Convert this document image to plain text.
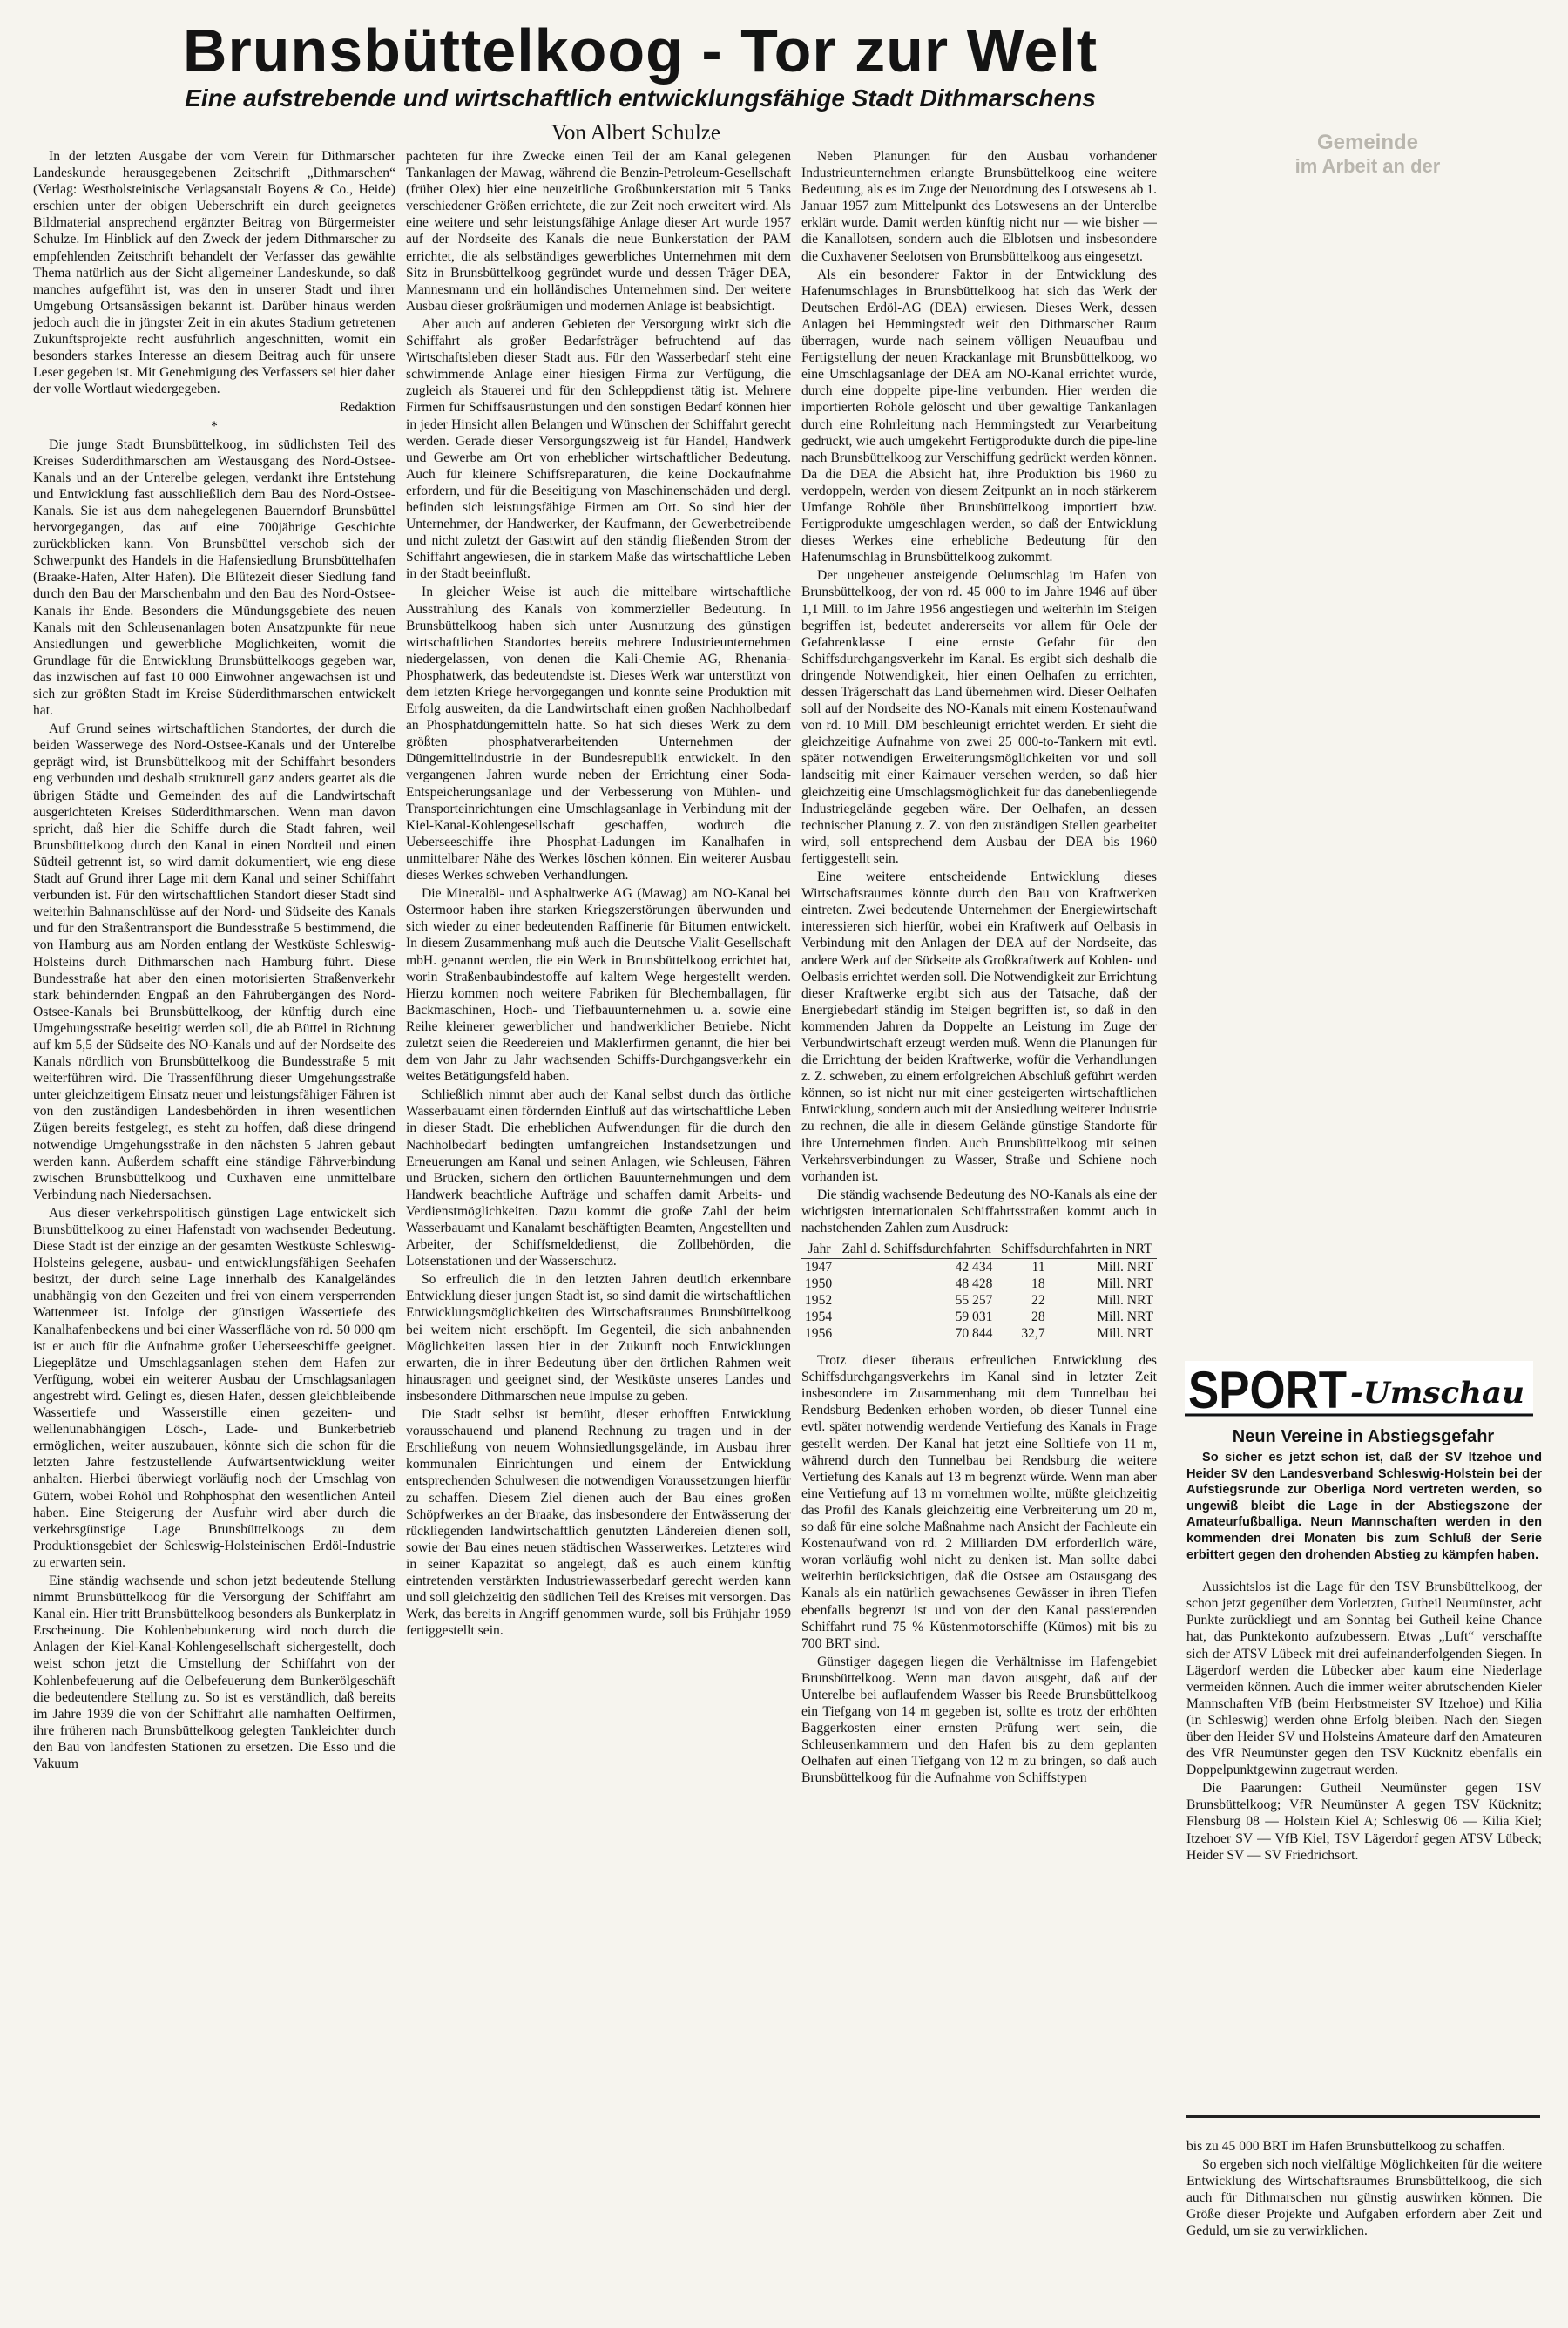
Brunsbüttelkoog - Tor zur Welt
Eine aufstrebende und wirtschaftlich entwicklungsfähige Stadt Dithmarschens
Von Albert Schulze

In der letzten Ausgabe der vom Verein für Dithmarscher Landeskunde herausgegebenen Zeitschrift „Dithmarschen“ (Verlag: Westholsteinische Verlagsanstalt Boyens & Co., Heide) erschien unter der obigen Ueberschrift ein durch geeignetes Bildmaterial ansprechend ergänzter Beitrag von Bürgermeister Schulze. Im Hinblick auf den Zweck der jedem Dithmarscher zu empfehlenden Zeitschrift behandelt der Verfasser das gewählte Thema natürlich aus der Sicht allgemeiner Landeskunde, so daß manches aufgeführt ist, was den in unserer Stadt und ihrer Umgebung Ortsansässigen bekannt ist. Darüber hinaus werden jedoch auch die in jüngster Zeit in ein akutes Stadium getretenen Zukunftsprojekte recht ausführlich angeschnitten, womit ein besonders starkes Interesse an diesem Beitrag auch für unsere Leser gegeben ist. Mit Genehmigung des Verfassers sei hier daher der volle Wortlaut wiedergegeben.

Redaktion

*

Die junge Stadt Brunsbüttelkoog, im südlichsten Teil des Kreises Süderdithmarschen am Westausgang des Nord-Ostsee-Kanals und an der Unterelbe gelegen, verdankt ihre Entstehung und Entwicklung fast ausschließlich dem Bau des Nord-Ostsee-Kanals. Sie ist aus dem nahegelegenen Bauerndorf Brunsbüttel hervorgegangen, das auf eine 700jährige Geschichte zurückblicken kann. Von Brunsbüttel verschob sich der Schwerpunkt des Handels in die Hafensiedlung Brunsbüttelhafen (Braake-Hafen, Alter Hafen). Die Blütezeit dieser Siedlung fand durch den Bau der Marschenbahn und den Bau des Nord-Ostsee-Kanals ihr Ende. Besonders die Mündungsgebiete des neuen Kanals mit den Schleusenanlagen boten Ansatzpunkte für neue Ansiedlungen und gewerbliche Möglichkeiten, womit die Grundlage für die Entwicklung Brunsbüttelkoogs gegeben war, das inzwischen auf fast 10 000 Einwohner angewachsen ist und sich zur größten Stadt im Kreise Süderdithmarschen entwickelt hat.

Auf Grund seines wirtschaftlichen Standortes, der durch die beiden Wasserwege des Nord-Ostsee-Kanals und der Unterelbe geprägt wird, ist Brunsbüttelkoog mit der Schiffahrt besonders eng verbunden und deshalb strukturell ganz anders geartet als die übrigen Städte und Gemeinden des auf die Landwirtschaft ausgerichteten Kreises Süderdithmarschen. Wenn man davon spricht, daß hier die Schiffe durch die Stadt fahren, weil Brunsbüttelkoog durch den Kanal in einen Nordteil und einen Südteil getrennt ist, so wird damit dokumentiert, wie eng diese Stadt auf Grund ihrer Lage mit dem Kanal und seiner Schiffahrt verbunden ist. Für den wirtschaftlichen Standort dieser Stadt sind weiterhin Bahnanschlüsse auf der Nord- und Südseite des Kanals und für den Straßentransport die Bundesstraße 5 bestimmend, die von Hamburg aus am Norden entlang der Westküste Schleswig-Holsteins durch Dithmarschen nach Hamburg führt. Diese Bundesstraße hat aber den einen motorisierten Straßenverkehr stark behindernden Engpaß an den Fährübergängen des Nord-Ostsee-Kanals bei Brunsbüttelkoog, der künftig durch eine Umgehungsstraße beseitigt werden soll, die ab Büttel in Richtung auf km 5,5 der Südseite des NO-Kanals und auf der Nordseite des Kanals nördlich von Brunsbüttelkoog die Bundesstraße 5 mit weiterführen wird. Die Trassenführung dieser Umgehungsstraße unter gleichzeitigem Einsatz neuer und leistungsfähiger Fähren ist von den zuständigen Landesbehörden in ihren wesentlichen Zügen bereits festgelegt, es steht zu hoffen, daß diese dringend notwendige Umgehungsstraße in den nächsten 5 Jahren gebaut werden kann. Außerdem schafft eine ständige Fährverbindung zwischen Brunsbüttelkoog und Cuxhaven eine unmittelbare Verbindung nach Niedersachsen.

Aus dieser verkehrspolitisch günstigen Lage entwickelt sich Brunsbüttelkoog zu einer Hafenstadt von wachsender Bedeutung. Diese Stadt ist der einzige an der gesamten Westküste Schleswig-Holsteins gelegene, ausbau- und entwicklungsfähigen Seehafen besitzt, der durch seine Lage innerhalb des Kanalgeländes unabhängig von den Gezeiten und frei von einem versperrenden Wattenmeer ist. Infolge der günstigen Wassertiefe des Kanalhafenbeckens und bei einer Wasserfläche von rd. 50 000 qm ist er auch für die Aufnahme großer Ueberseeschiffe geeignet. Liegeplätze und Umschlagsanlagen stehen dem Hafen zur Verfügung, wobei ein weiterer Ausbau der Umschlagsanlagen angestrebt wird. Gelingt es, diesen Hafen, dessen gleichbleibende Wassertiefe und Wasserstille einen gezeiten- und wellenunabhängigen Lösch-, Lade- und Bunkerbetrieb ermöglichen, weiter auszubauen, könnte sich die schon für die letzten Jahre festzustellende Aufwärtsentwicklung weiter anhalten. Hierbei überwiegt vorläufig noch der Umschlag von Gütern, wobei Rohöl und Rohphosphat den wesentlichen Anteil haben. Eine Steigerung der Ausfuhr wird aber durch die verkehrsgünstige Lage Brunsbüttelkoogs zu dem Produktionsgebiet der Schleswig-Holsteinischen Erdöl-Industrie zu erwarten sein.

Eine ständig wachsende und schon jetzt bedeutende Stellung nimmt Brunsbüttelkoog für die Versorgung der Schiffahrt am Kanal ein. Hier tritt Brunsbüttelkoog besonders als Bunkerplatz in Erscheinung. Die Kohlenbebunkerung wird noch durch die Anlagen der Kiel-Kanal-Kohlengesellschaft sichergestellt, doch weist schon jetzt die Umstellung der Schiffahrt von der Kohlenbefeuerung auf die Oelbefeuerung dem Bunkerölgeschäft die bedeutendere Stellung zu. So ist es verständlich, daß bereits im Jahre 1939 die von der Schiffahrt alle namhaften Oelfirmen, ihre früheren nach Brunsbüttelkoog gelegten Tankleichter durch den Bau von landfesten Stationen zu ersetzen. Die Esso und die Vakuum

pachteten für ihre Zwecke einen Teil der am Kanal gelegenen Tankanlagen der Mawag, während die Benzin-Petroleum-Gesellschaft (früher Olex) hier eine neuzeitliche Großbunkerstation mit 5 Tanks verschiedener Größen errichtete, die zur Zeit noch erweitert wird. Als eine weitere und sehr leistungsfähige Anlage dieser Art wurde 1957 auf der Nordseite des Kanals die neue Bunkerstation der PAM errichtet, die als selbständiges gewerbliches Unternehmen mit dem Sitz in Brunsbüttelkoog gegründet wurde und dessen Träger DEA, Mannesmann und ein holländisches Unternehmen sind. Der weitere Ausbau dieser großräumigen und modernen Anlage ist beabsichtigt.

Aber auch auf anderen Gebieten der Versorgung wirkt sich die Schiffahrt als großer Bedarfsträger befruchtend auf das Wirtschaftsleben dieser Stadt aus. Für den Wasserbedarf steht eine schwimmende Anlage einer hiesigen Firma zur Verfügung, die zugleich als Stauerei und für den Schleppdienst tätig ist. Mehrere Firmen für Schiffsausrüstungen und den sonstigen Bedarf können hier in jeder Hinsicht allen Belangen und Wünschen der Schiffahrt gerecht werden. Gerade dieser Versorgungszweig ist für Handel, Handwerk und Gewerbe am Ort von erheblicher wirtschaftlicher Bedeutung. Auch für kleinere Schiffsreparaturen, die keine Dockaufnahme erfordern, und für die Beseitigung von Maschinenschäden und dergl. befinden sich leistungsfähige Firmen am Ort. So sind hier der Unternehmer, der Handwerker, der Kaufmann, der Gewerbetreibende und nicht zuletzt der Gastwirt auf den ständig fließenden Strom der Schiffahrt angewiesen, die in starkem Maße das wirtschaftliche Leben in der Stadt beeinflußt.

In gleicher Weise ist auch die mittelbare wirtschaftliche Ausstrahlung des Kanals von kommerzieller Bedeutung. In Brunsbüttelkoog haben sich unter Ausnutzung des günstigen wirtschaftlichen Standortes bereits mehrere Industrieunternehmen niedergelassen, von denen die Kali-Chemie AG, Rhenania-Phosphatwerk, das bedeutendste ist. Dieses Werk war unterstützt von dem letzten Kriege hervorgegangen und konnte seine Produktion mit Erfolg ausweiten, da die Landwirtschaft einen großen Nachholbedarf an Phosphatdüngemitteln hatte. So hat sich dieses Werk zu dem größten phosphatverarbeitenden Unternehmen der Düngemittelindustrie in der Bundesrepublik entwickelt. In den vergangenen Jahren wurde neben der Errichtung einer Soda-Entspeicherungsanlage und der Verbesserung von Mühlen- und Transporteinrichtungen eine Umschlagsanlage in Verbindung mit der Kiel-Kanal-Kohlengesellschaft geschaffen, wodurch die Ueberseeschiffe ihre Phosphat-Ladungen im Kanalhafen in unmittelbarer Nähe des Werkes löschen können. Ein weiterer Ausbau dieses Werkes schweben Verhandlungen.

Die Mineralöl- und Asphaltwerke AG (Mawag) am NO-Kanal bei Ostermoor haben ihre starken Kriegszerstörungen überwunden und sich wieder zu einer bedeutenden Raffinerie für Bitumen entwickelt. In diesem Zusammenhang muß auch die Deutsche Vialit-Gesellschaft mbH. genannt werden, die ein Werk in Brunsbüttelkoog errichtet hat, worin Straßenbaubindestoffe auf kaltem Wege hergestellt werden. Hierzu kommen noch weitere Fabriken für Blechemballagen, für Backmaschinen, Hoch- und Tiefbauunternehmen u. a. sowie eine Reihe kleinerer gewerblicher und handwerklicher Betriebe. Nicht zuletzt seien die Reedereien und Maklerfirmen genannt, die hier bei dem von Jahr zu Jahr wachsenden Schiffs-Durchgangsverkehr ein weites Betätigungsfeld haben.

Schließlich nimmt aber auch der Kanal selbst durch das örtliche Wasserbauamt einen fördernden Einfluß auf das wirtschaftliche Leben in dieser Stadt. Die erheblichen Aufwendungen für die durch den Nachholbedarf bedingten umfangreichen Instandsetzungen und Erneuerungen am Kanal und seinen Anlagen, wie Schleusen, Fähren und Brücken, sichern den örtlichen Bauunternehmungen und dem Handwerk beachtliche Aufträge und schaffen damit Arbeits- und Verdienstmöglichkeiten. Dazu kommt die große Zahl der beim Wasserbauamt und Kanalamt beschäftigten Beamten, Angestellten und Arbeiter, der Schiffsmeldedienst, die Zollbehörden, die Lotsenstationen und der Wasserschutz.

So erfreulich die in den letzten Jahren deutlich erkennbare Entwicklung dieser jungen Stadt ist, so sind damit die wirtschaftlichen Entwicklungsmöglichkeiten des Wirtschaftsraumes Brunsbüttelkoog bei weitem nicht erschöpft. Im Gegenteil, die sich anbahnenden Möglichkeiten lassen hier in der Zukunft noch Entwicklungen erwarten, die in ihrer Bedeutung über den örtlichen Rahmen weit hinausragen und geeignet sind, der Westküste unseres Landes und insbesondere Dithmarschen neue Impulse zu geben.

Die Stadt selbst ist bemüht, dieser erhofften Entwicklung vorausschauend und planend Rechnung zu tragen und in der Erschließung von neuem Wohnsiedlungsgelände, im Ausbau ihrer kommunalen Einrichtungen und einem der Entwicklung entsprechenden Schulwesen die notwendigen Voraussetzungen hierfür zu schaffen. Diesem Ziel dienen auch der Bau eines großen Schöpfwerkes an der Braake, das insbesondere der Entwässerung der rückliegenden landwirtschaftlich genutzten Ländereien dienen soll, sowie der Bau eines neuen städtischen Wasserwerkes. Letzteres wird in seiner Kapazität so angelegt, daß es auch einem künftig eintretenden verstärkten Industriewasserbedarf gerecht werden kann und soll gleichzeitig den südlichen Teil des Kreises mit versorgen. Das Werk, das bereits in Angriff genommen wurde, soll bis Frühjahr 1959 fertiggestellt sein.

Neben Planungen für den Ausbau vorhandener Industrieunternehmen erlangte Brunsbüttelkoog eine weitere Bedeutung, als es im Zuge der Neuordnung des Lotswesens ab 1. Januar 1957 zum Mittelpunkt des Lotswesens an der Unterelbe erklärt wurde. Damit werden künftig nicht nur — wie bisher — die Kanallotsen, sondern auch die Elblotsen und insbesondere die Cuxhavener Seelotsen von Brunsbüttelkoog aus eingesetzt.

Als ein besonderer Faktor in der Entwicklung des Hafenumschlages in Brunsbüttelkoog hat sich das Werk der Deutschen Erdöl-AG (DEA) erwiesen. Dieses Werk, dessen Anlagen bei Hemmingstedt weit den Dithmarscher Raum überragen, wurde nach seinem völligen Neuaufbau und Fertigstellung der neuen Krackanlage mit Brunsbüttelkoog, wo eine Umschlagsanlage der DEA am NO-Kanal errichtet wurde, durch eine doppelte pipe-line verbunden. Hier werden die importierten Rohöle gelöscht und über gewaltige Tankanlagen durch eine Rohrleitung nach Hemmingstedt zur Verarbeitung gedrückt, wie auch umgekehrt Fertigprodukte durch die pipe-line nach Brunsbüttelkoog zur Verschiffung gedrückt werden können. Da die DEA die Absicht hat, ihre Produktion bis 1960 zu verdoppeln, werden von diesem Zeitpunkt an in noch stärkerem Umfange Rohöle über Brunsbüttelkoog importiert bzw. Fertigprodukte umgeschlagen werden, so daß der Entwicklung dieses Werkes eine erhebliche Bedeutung für den Hafenumschlag in Brunsbüttelkoog zukommt.

Der ungeheuer ansteigende Oelumschlag im Hafen von Brunsbüttelkoog, der von rd. 45 000 to im Jahre 1946 auf über 1,1 Mill. to im Jahre 1956 angestiegen und weiterhin im Steigen begriffen ist, bedeutet andererseits vor allem für Oele der Gefahrenklasse I eine ernste Gefahr für den Schiffsdurchgangsverkehr im Kanal. Es ergibt sich deshalb die dringende Notwendigkeit, hier einen Oelhafen zu errichten, dessen Trägerschaft das Land übernehmen wird. Dieser Oelhafen soll auf der Nordseite des NO-Kanals mit einem Kostenaufwand von rd. 10 Mill. DM beschleunigt errichtet werden. Er sieht die gleichzeitige Aufnahme von zwei 25 000-to-Tankern mit evtl. später notwendigen Erweiterungsmöglichkeiten vor und soll landseitig mit einer Kaimauer versehen werden, so daß hier gleichzeitig eine Umschlagsmöglichkeit für das danebenliegende Industriegelände gegeben wäre. Der Oelhafen, an dessen technischer Planung z. Z. von den zuständigen Stellen gearbeitet wird, soll entsprechend dem Ausbau der DEA bis 1960 fertiggestellt sein.

Eine weitere entscheidende Entwicklung dieses Wirtschaftsraumes könnte durch den Bau von Kraftwerken eintreten. Zwei bedeutende Unternehmen der Energiewirtschaft interessieren sich hierfür, wobei ein Kraftwerk auf Oelbasis in Verbindung mit den Anlagen der DEA auf der Nordseite, das andere Werk auf der Südseite als Großkraftwerk auf Kohlen- und Oelbasis errichtet werden soll. Die Notwendigkeit zur Errichtung dieser Kraftwerke ergibt sich aus der Tatsache, daß der Energiebedarf ständig im Steigen begriffen ist, so daß in den kommenden Jahren da Doppelte an Leistung im Zuge der Verbundwirtschaft erzeugt werden muß. Wenn die Planungen für die Errichtung der beiden Kraftwerke, wofür die Verhandlungen z. Z. schweben, zu einem erfolgreichen Abschluß geführt werden können, so ist nicht nur mit einer gesteigerten wirtschaftlichen Entwicklung, sondern auch mit der Ansiedlung weiterer Industrie zu rechnen, die alle in diesem Gelände günstige Standorte für ihre Unternehmen finden. Auch Brunsbüttelkoog mit seinen Verkehrsverbindungen zu Wasser, Straße und Schiene noch vorhanden ist.

Die ständig wachsende Bedeutung des NO-Kanals als eine der wichtigsten internationalen Schiffahrtsstraßen kommt auch in nachstehenden Zahlen zum Ausdruck:

Jahr	Zahl d. Schiffsdurchfahrten	Schiffsdurchfahrten in NRT	
1947	42 434	11	Mill. NRT
1950	48 428	18	Mill. NRT
1952	55 257	22	Mill. NRT
1954	59 031	28	Mill. NRT
1956	70 844	32,7	Mill. NRT

Trotz dieser überaus erfreulichen Entwicklung des Schiffsdurchgangsverkehrs im Kanal sind in letzter Zeit insbesondere im Zusammenhang mit dem Tunnelbau bei Rendsburg Bedenken erhoben worden, ob dieser Tunnel eine evtl. später notwendig werdende Vertiefung des Kanals in Frage gestellt werden. Der Kanal hat jetzt eine Solltiefe von 11 m, während durch den Tunnelbau bei Rendsburg die weitere Vertiefung des Kanals auf 13 m begrenzt würde. Wenn man aber eine Vertiefung auf 13 m vornehmen wollte, müßte gleichzeitig das Profil des Kanals gleichzeitig eine Verbreiterung um 20 m, so daß für eine solche Maßnahme nach Ansicht der Fachleute ein Kostenaufwand von rd. 2 Milliarden DM erforderlich wäre, woran vorläufig wohl nicht zu denken ist. Man sollte dabei weiterhin berücksichtigen, daß die Ostsee am Ostausgang des Kanals als ein natürlich gewachsenes Gewässer in ihren Tiefen ebenfalls begrenzt ist und von der den Kanal passierenden Schiffahrt rund 75 % Küstenmotorschiffe (Kümos) mit bis zu 700 BRT sind.

Günstiger dagegen liegen die Verhältnisse im Hafengebiet Brunsbüttelkoog. Wenn man davon ausgeht, daß auf der Unterelbe bei auflaufendem Wasser bis Reede Brunsbüttelkoog ein Tiefgang von 14 m gegeben ist, sollte es trotz der erhöhten Baggerkosten einer ernsten Prüfung wert sein, die Schleusenkammern und den Hafen bis zu dem geplanten Oelhafen auf einen Tiefgang von 12 m zu bringen, so daß auch Brunsbüttelkoog für die Aufnahme von Schiffstypen

Gemeinde
im Arbeit an der
SPORT -Umschau
Neun Vereine in Abstiegsgefahr

So sicher es jetzt schon ist, daß der SV Itzehoe und Heider SV den Landesverband Schleswig-Holstein bei der Aufstiegsrunde zur Oberliga Nord vertreten werden, so ungewiß bleibt die Lage in der Abstiegszone der Amateurfußballiga. Neun Mannschaften werden in den kommenden drei Monaten bis zum Schluß der Serie erbittert gegen den drohenden Abstieg zu kämpfen haben.

Aussichtslos ist die Lage für den TSV Brunsbüttelkoog, der schon jetzt gegenüber dem Vorletzten, Gutheil Neumünster, acht Punkte zurückliegt und am Sonntag bei Gutheil keine Chance hat, das Punktekonto aufzubessern. Etwas „Luft“ verschaffte sich der ATSV Lübeck mit drei aufeinanderfolgenden Siegen. In Lägerdorf werden die Lübecker aber kaum eine Niederlage vermeiden können. Auch die immer weiter abrutschenden Kieler Mannschaften VfB (beim Herbstmeister SV Itzehoe) und Kilia (in Schleswig) werden ohne Erfolg bleiben. Nach den Siegen über den Heider SV und Holsteins Amateure darf den Amateuren des VfR Neumünster gegen den TSV Kücknitz ebenfalls ein Doppelpunktgewinn zugetraut werden.

Die Paarungen: Gutheil Neumünster gegen TSV Brunsbüttelkoog; VfR Neumünster A gegen TSV Kücknitz; Flensburg 08 — Holstein Kiel A; Schleswig 06 — Kilia Kiel; Itzehoer SV — VfB Kiel; TSV Lägerdorf gegen ATSV Lübeck; Heider SV — SV Friedrichsort.

bis zu 45 000 BRT im Hafen Brunsbüttelkoog zu schaffen.

So ergeben sich noch vielfältige Möglichkeiten für die weitere Entwicklung des Wirtschaftsraumes Brunsbüttelkoog, die sich auch für Dithmarschen nur günstig auswirken können. Die Größe dieser Projekte und Aufgaben erfordern aber Zeit und Geduld, um sie zu verwirklichen.
